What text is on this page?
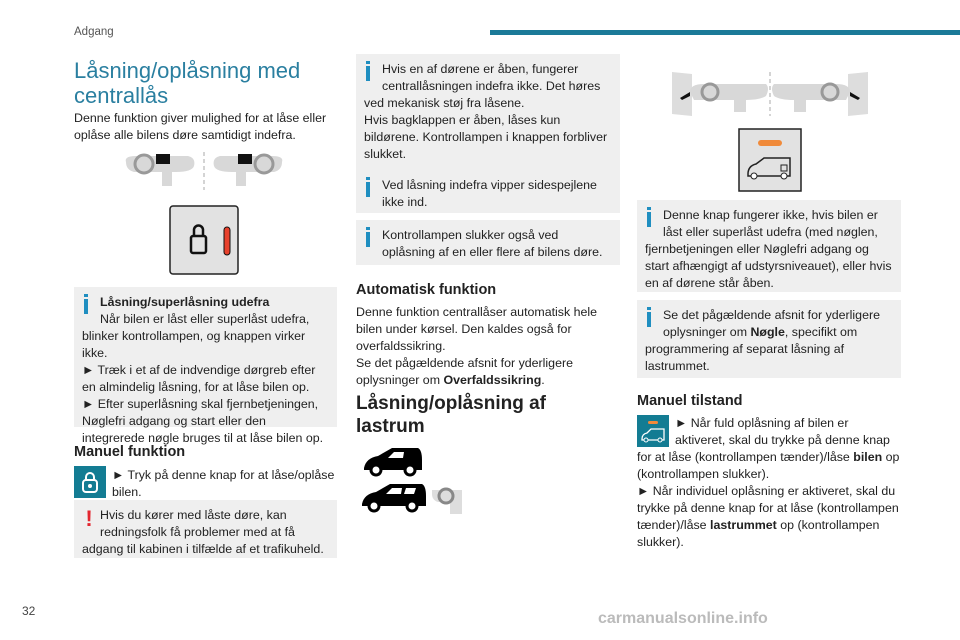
Adgang
Låsning/oplåsning med centrallås

Denne funktion giver mulighed for at låse eller oplåse alle bilens døre samtidigt indefra.

Låsning/superlåsning udefra

Når bilen er låst eller superlåst udefra, blinker kontrollampen, og knappen virker ikke.

► Træk i et af de indvendige dørgreb efter en almindelig låsning, for at låse bilen op.

► Efter superlåsning skal fjernbetjeningen, Nøglefri adgang og start eller den integrerede nøgle bruges til at låse bilen op.

Manuel funktion

► Tryk på denne knap for at låse/oplåse bilen.

! Hvis du kører med låste døre, kan redningsfolk få problemer med at få adgang til kabinen i tilfælde af et trafikuheld.

Hvis en af dørene er åben, fungerer centrallåsningen indefra ikke. Det høres ved mekanisk støj fra låsene.
Hvis bagklappen er åben, låses kun bildørene. Kontrollampen i knappen forbliver slukket.
Ved låsning indefra vipper sidespejlene ikke ind.
Kontrollampen slukker også ved oplåsning af en eller flere af bilens døre.
Automatisk funktion

Denne funktion centrallåser automatisk hele bilen under kørsel. Den kaldes også for overfaldssikring.
Se det pågældende afsnit for yderligere oplysninger om Overfaldssikring.

Låsning/oplåsning af lastrum
Denne knap fungerer ikke, hvis bilen er låst eller superlåst udefra (med nøglen, fjernbetjeningen eller Nøglefri adgang og start afhængigt af udstyrsniveauet), eller hvis en af dørene står åben.
Se det pågældende afsnit for yderligere oplysninger om Nøgle, specifikt om programmering af separat låsning af lastrummet.
Manuel tilstand

► Når fuld oplåsning af bilen er aktiveret, skal du trykke på denne knap for at låse (kontrollampen tænder)/låse bilen op (kontrollampen slukker).

► Når individuel oplåsning er aktiveret, skal du trykke på denne knap for at låse (kontrollampen tænder)/låse lastrummet op (kontrollampen slukker).

32	carmanualsonline.info
